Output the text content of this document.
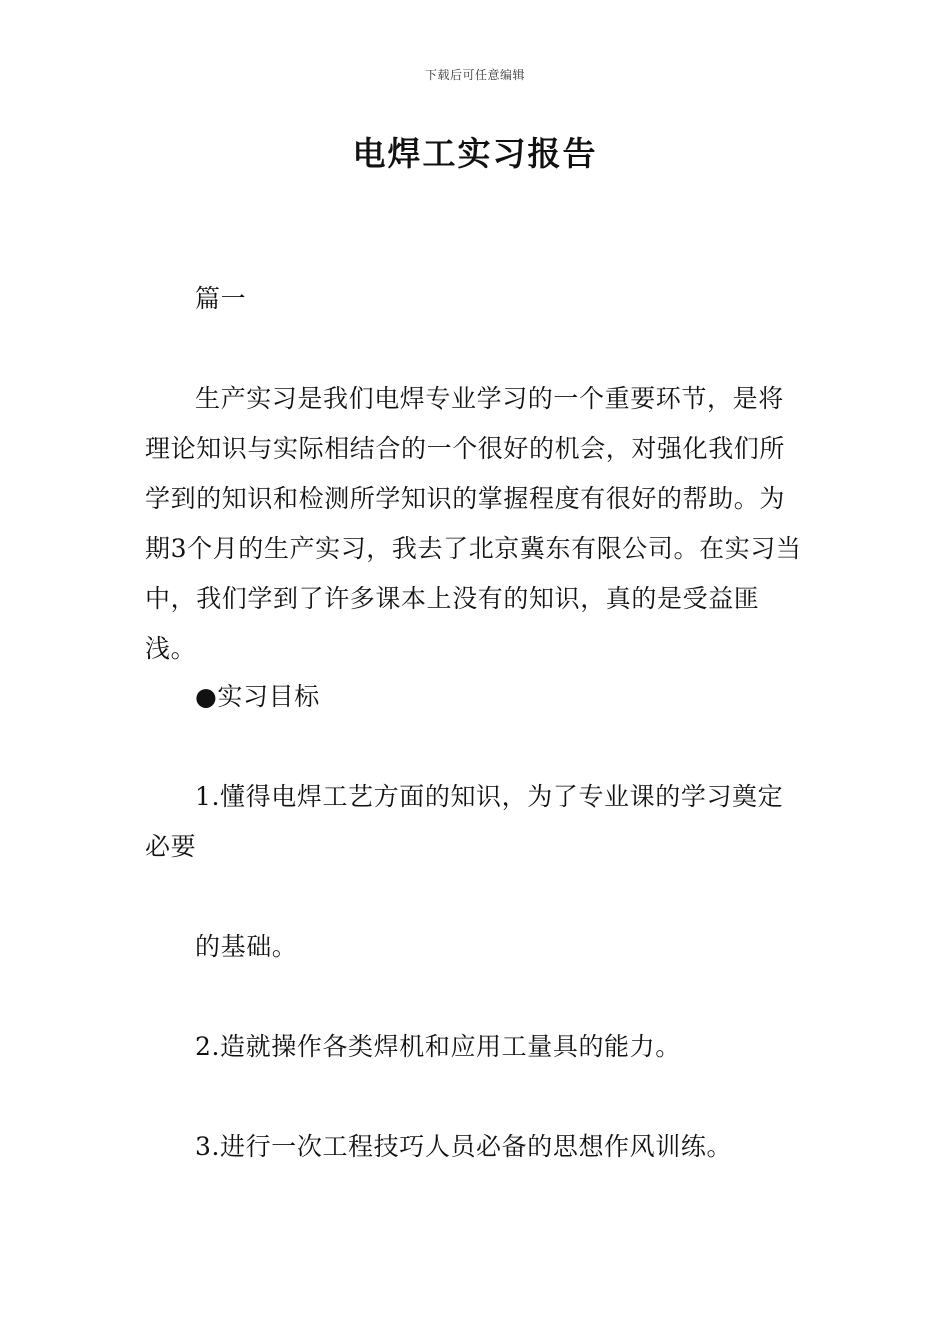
下载后可任意编辑
电焊工实习报告

篇一

生产实习是我们电焊专业学习的一个重要环节，是将理论知识与实际相结合的一个很好的机会，对强化我们所学到的知识和检测所学知识的掌握程度有很好的帮助。为期3个月的生产实习，我去了北京冀东有限公司。在实习当中，我们学到了许多课本上没有的知识，真的是受益匪浅。

●实习目标

1.懂得电焊工艺方面的知识，为了专业课的学习奠定

必要

的基础。

2.造就操作各类焊机和应用工量具的能力。

3.进行一次工程技巧人员必备的思想作风训练。
